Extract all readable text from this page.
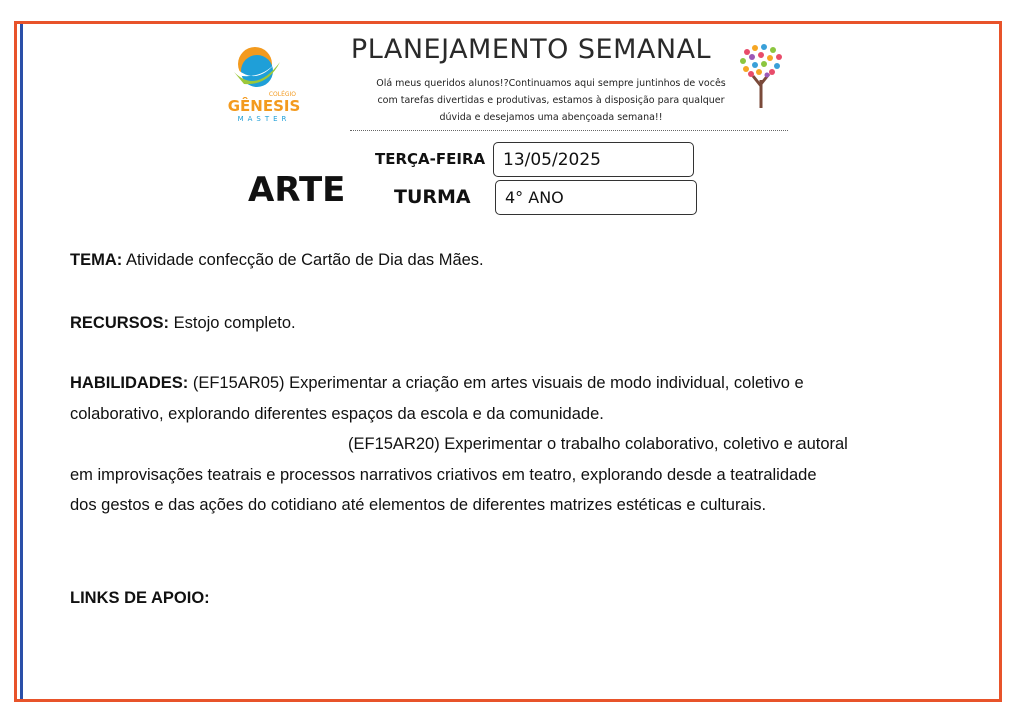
COLÉGIO
GÊNESIS
MASTER
PLANEJAMENTO SEMANAL
Olá meus queridos alunos!?Continuamos aqui sempre juntinhos de vocês
com tarefas divertidas e produtivas, estamos à disposição para qualquer
dúvida e desejamos uma abençoada semana!!
ARTE
TERÇA-FEIRA
TURMA
13/05/2025
4° ANO
TEMA: Atividade confecção de Cartão de Dia das Mães.
RECURSOS: Estojo completo.
HABILIDADES: (EF15AR05) Experimentar a criação em artes visuais de modo individual, coletivo e
colaborativo, explorando diferentes espaços da escola e da comunidade.
(EF15AR20) Experimentar o trabalho colaborativo, coletivo e autoral
em improvisações teatrais e processos narrativos criativos em teatro, explorando desde a teatralidade
dos gestos e das ações do cotidiano até elementos de diferentes matrizes estéticas e culturais.
LINKS DE APOIO:
